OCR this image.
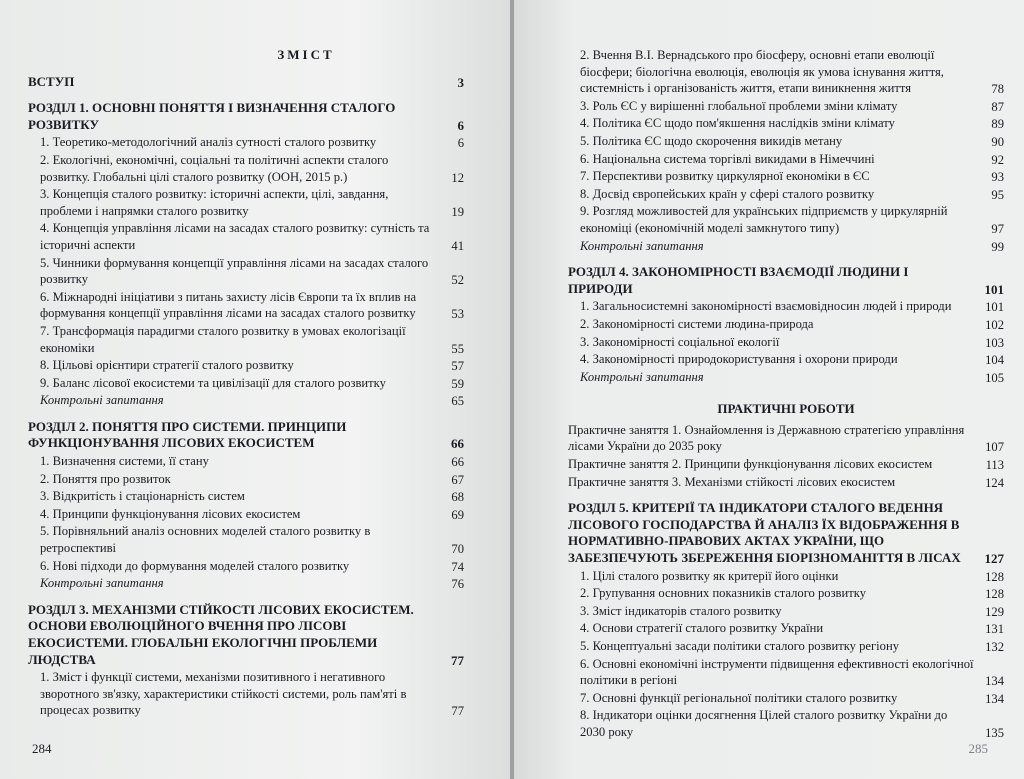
ЗМІСТ
ВСТУП . . .	3
РОЗДІЛ 1. ОСНОВНІ ПОНЯТТЯ І ВИЗНАЧЕННЯ СТАЛОГО РОЗВИТКУ . . .	6
1. Теоретико-методологічний аналіз сутності сталого розвитку	6
2. Екологічні, економічні, соціальні та політичні аспекти сталого розвитку. Глобальні цілі сталого розвитку (ООН, 2015 р.)	12
3. Концепція сталого розвитку: історичні аспекти, цілі, завдання, проблеми і напрямки сталого розвитку	19
4. Концепція управління лісами на засадах сталого розвитку: сутність та історичні аспекти	41
5. Чинники формування концепції управління лісами на засадах сталого розвитку	52
6. Міжнародні ініціативи з питань захисту лісів Європи та їх вплив на формування концепції управління лісами на засадах сталого розвитку	53
7. Трансформація парадигми сталого розвитку в умовах екологізації економіки	55
8. Цільові орієнтири стратегії сталого розвитку	57
9. Баланс лісової екосистеми та цивілізації для сталого розвитку	59
Контрольні запитання	65
РОЗДІЛ 2. ПОНЯТТЯ ПРО СИСТЕМИ. ПРИНЦИПИ ФУНКЦІОНУВАННЯ ЛІСОВИХ ЕКОСИСТЕМ . . .	66
1. Визначення системи, її стану	66
2. Поняття про розвиток	67
3. Відкритість і стаціонарність систем	68
4. Принципи функціонування лісових екосистем	69
5. Порівняльний аналіз основних моделей сталого розвитку в ретроспективі	70
6. Нові підходи до формування моделей сталого розвитку	74
Контрольні запитання	76
РОЗДІЛ 3. МЕХАНІЗМИ СТІЙКОСТІ ЛІСОВИХ ЕКОСИСТЕМ. ОСНОВИ ЕВОЛЮЦІЙНОГО ВЧЕННЯ ПРО ЛІСОВІ ЕКОСИСТЕМИ. ГЛОБАЛЬНІ ЕКОЛОГІЧНІ ПРОБЛЕМИ ЛЮДСТВА . . .	77
1. Зміст і функції системи, механізми позитивного і негативного зворотного зв'язку, характеристики стійкості системи, роль пам'яті в процесах розвитку . . .	77
284
2. Вчення В.І. Вернадського про біосферу, основні етапи еволюції біосфери; біологічна еволюція, еволюція як умова існування життя, системність і організованість життя, етапи виникнення життя . . .	78
3. Роль ЄС у вирішенні глобальної проблеми зміни клімату	87
4. Політика ЄС щодо пом'якшення наслідків зміни клімату	89
5. Політика ЄС щодо скорочення викидів метану	90
6. Національна система торгівлі викидами в Німеччині	92
7. Перспективи розвитку циркулярної економіки в ЄС	93
8. Досвід європейських країн у сфері сталого розвитку	95
9. Розгляд можливостей для українських підприємств у циркулярній економіці (економічній моделі замкнутого типу)	97
Контрольні запитання	99
РОЗДІЛ 4. ЗАКОНОМІРНОСТІ ВЗАЄМОДІЇ ЛЮДИНИ І ПРИРОДИ . . .	101
1. Загальносистемні закономірності взаємовідносин людей і природи	101
2. Закономірності системи людина-природа	102
3. Закономірності соціальної екології	103
4. Закономірності природокористування і охорони природи	104
Контрольні запитання	105
ПРАКТИЧНІ РОБОТИ
Практичне заняття 1. Ознайомлення із Державною стратегією управління лісами України до 2035 року	107
Практичне заняття 2. Принципи функціонування лісових екосистем	113
Практичне заняття 3. Механізми стійкості лісових екосистем	124
РОЗДІЛ 5. КРИТЕРІЇ ТА ІНДИКАТОРИ СТАЛОГО ВЕДЕННЯ ЛІСОВОГО ГОСПОДАРСТВА Й АНАЛІЗ ЇХ ВІДОБРАЖЕННЯ В НОРМАТИВНО-ПРАВОВИХ АКТАХ УКРАЇНИ, ЩО ЗАБЕЗПЕЧУЮТЬ ЗБЕРЕЖЕННЯ БІОРІЗНОМАНІТТЯ В ЛІСАХ . . .	127
1. Цілі сталого розвитку як критерії його оцінки	128
2. Групування основних показників сталого розвитку	128
3. Зміст індикаторів сталого розвитку	129
4. Основи стратегії сталого розвитку України	131
5. Концептуальні засади політики сталого розвитку регіону	132
6. Основні економічні інструменти підвищення ефективності екологічної політики в регіоні	134
7. Основні функції регіональної політики сталого розвитку	134
8. Індикатори оцінки досягнення Цілей сталого розвитку України до 2030 року	135
285
